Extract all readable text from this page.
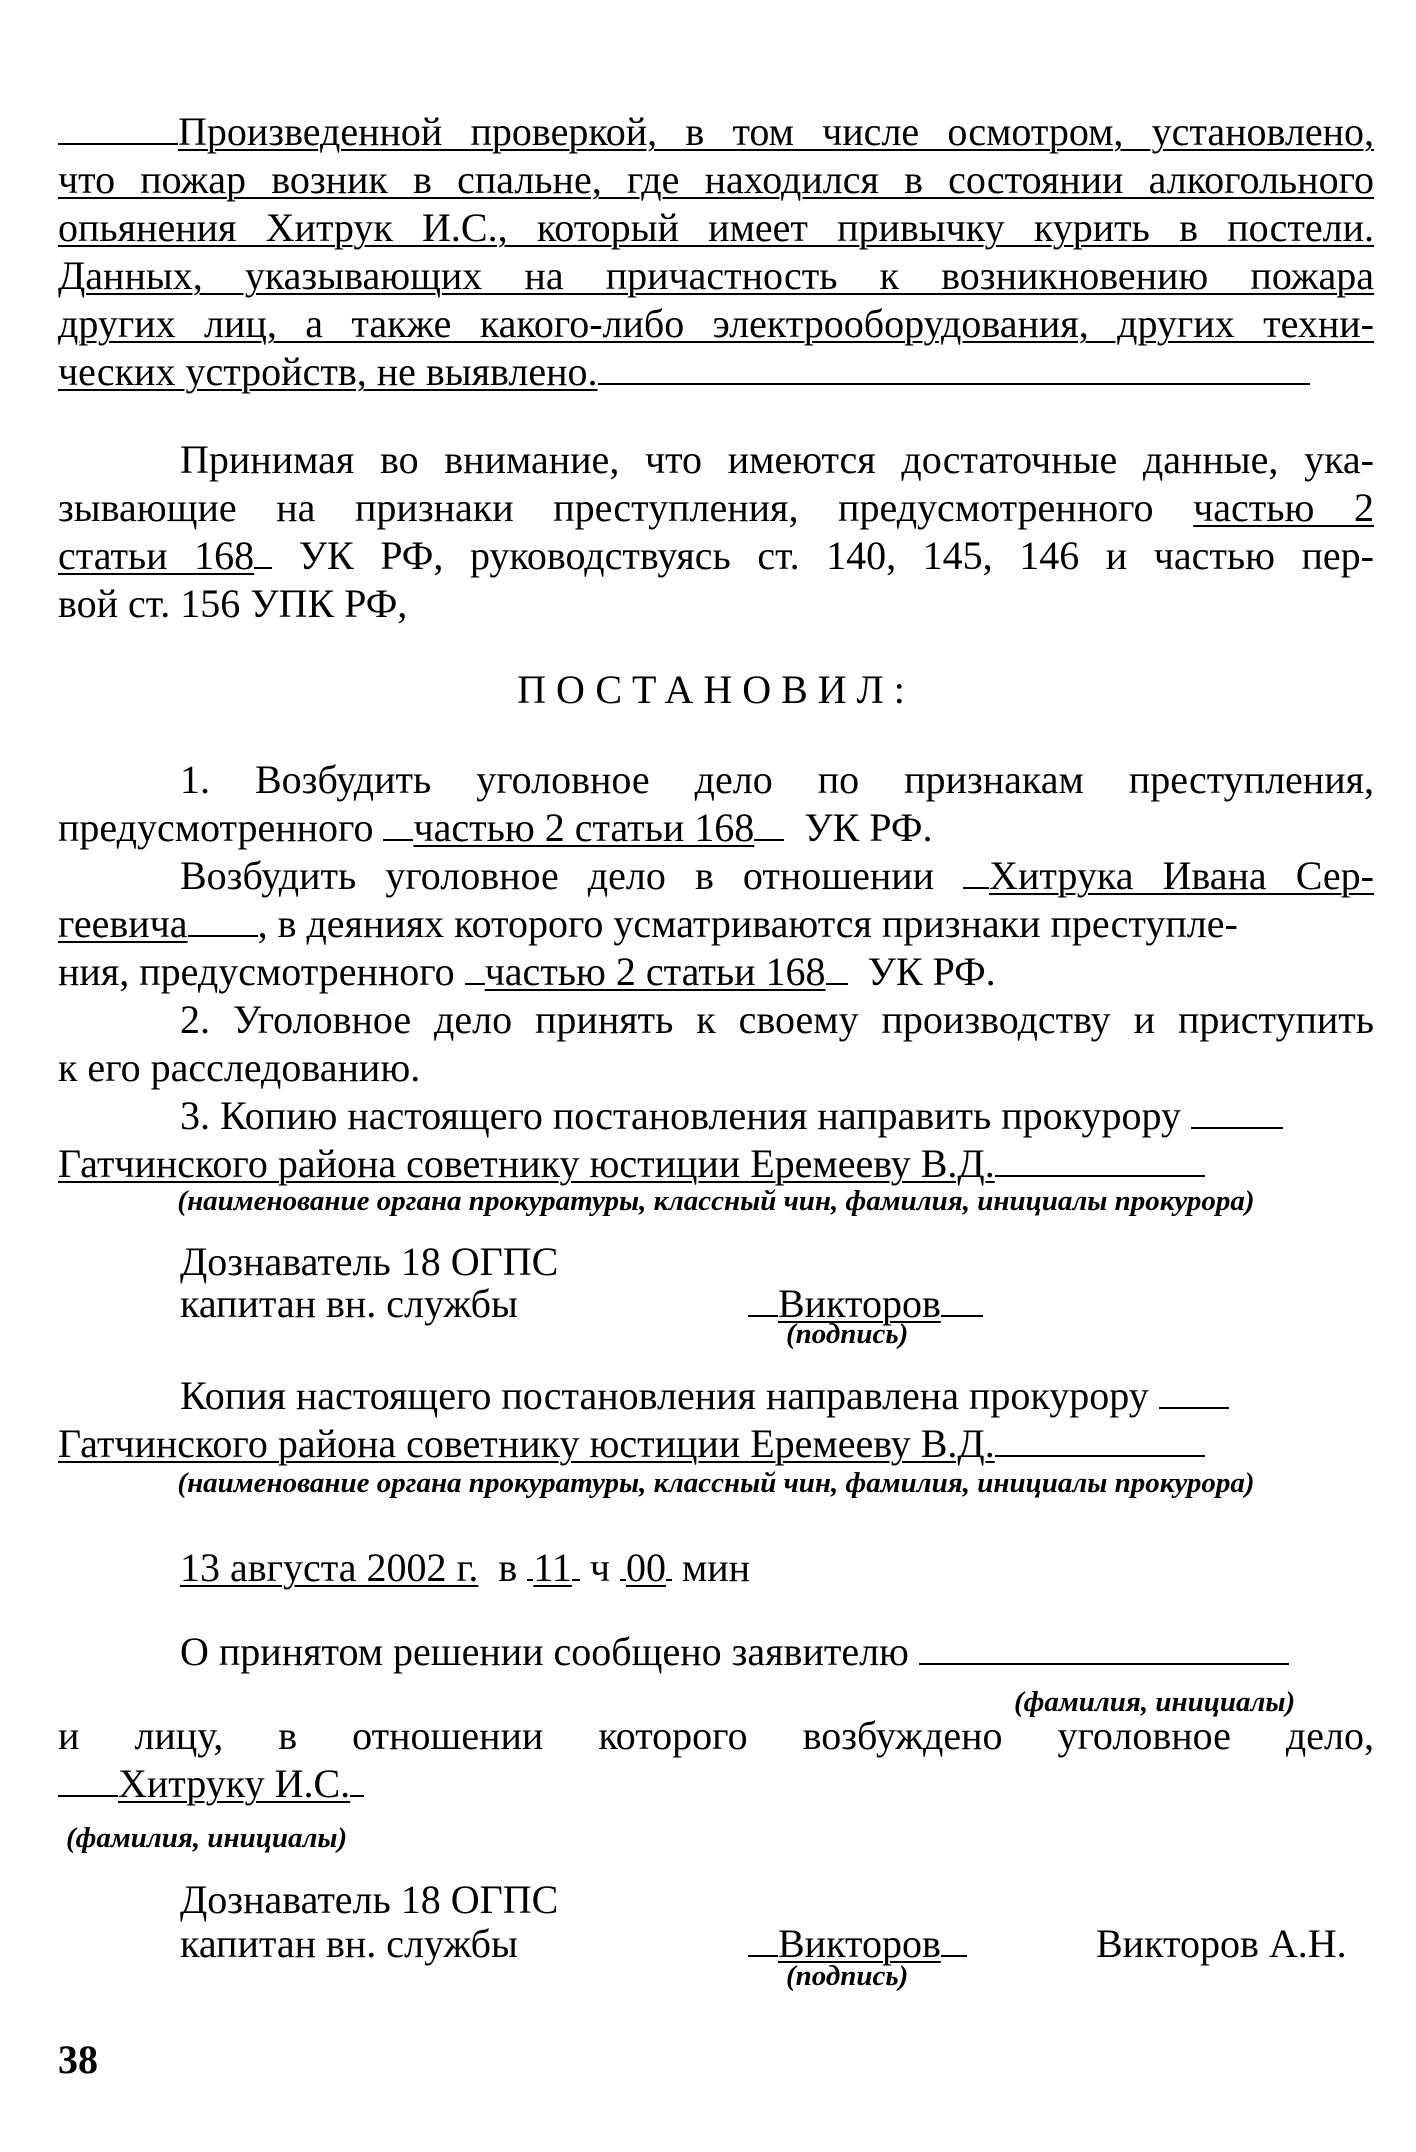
Произведенной проверкой, в том числе осмотром, установлено,

что пожар возник в спальне, где находился в состоянии алкогольного

опьянения Хитрук И.С., который имеет привычку курить в постели.

Данных, указывающих на причастность к возникновению пожара

других лиц, а также какого-либо электрооборудования, других техни-

ческих устройств, не выявлено.

Принимая во внимание, что имеются достаточные данные, ука-

зывающие на признаки преступления, предусмотренного частью 2

статьи 168 УК РФ, руководствуясь ст. 140, 145, 146 и частью пер-

вой ст. 156 УПК РФ,

ПОСТАНОВИЛ:

1. Возбудить уголовное дело по признакам преступления,

предусмотренного частью 2 статьи 168 УК РФ.

Возбудить уголовное дело в отношении Хитрука Ивана Сер-

геевича , в деяниях которого усматриваются признаки преступле-

ния, предусмотренного частью 2 статьи 168 УК РФ.

2. Уголовное дело принять к своему производству и приступить

к его расследованию.

3. Копию настоящего постановления направить прокурору

Гатчинского района советнику юстиции Еремееву В.Д.

(наименование органа прокуратуры, классный чин, фамилия, инициалы прокурора)

Дознаватель 18 ОГПС

капитан вн. службы	Викторов

(подпись)

Копия настоящего постановления направлена прокурору

Гатчинского района советнику юстиции Еремееву В.Д.

(наименование органа прокуратуры, классный чин, фамилия, инициалы прокурора)

13 августа 2002 г. в 11 ч 00 мин

О принятом решении сообщено заявителю

(фамилия, инициалы)

и лицу, в отношении которого возбуждено уголовное дело,

Хитруку И.С.

(фамилия, инициалы)

Дознаватель 18 ОГПС

капитан вн. службы	Викторов	Викторов А.Н.

(подпись)

38
